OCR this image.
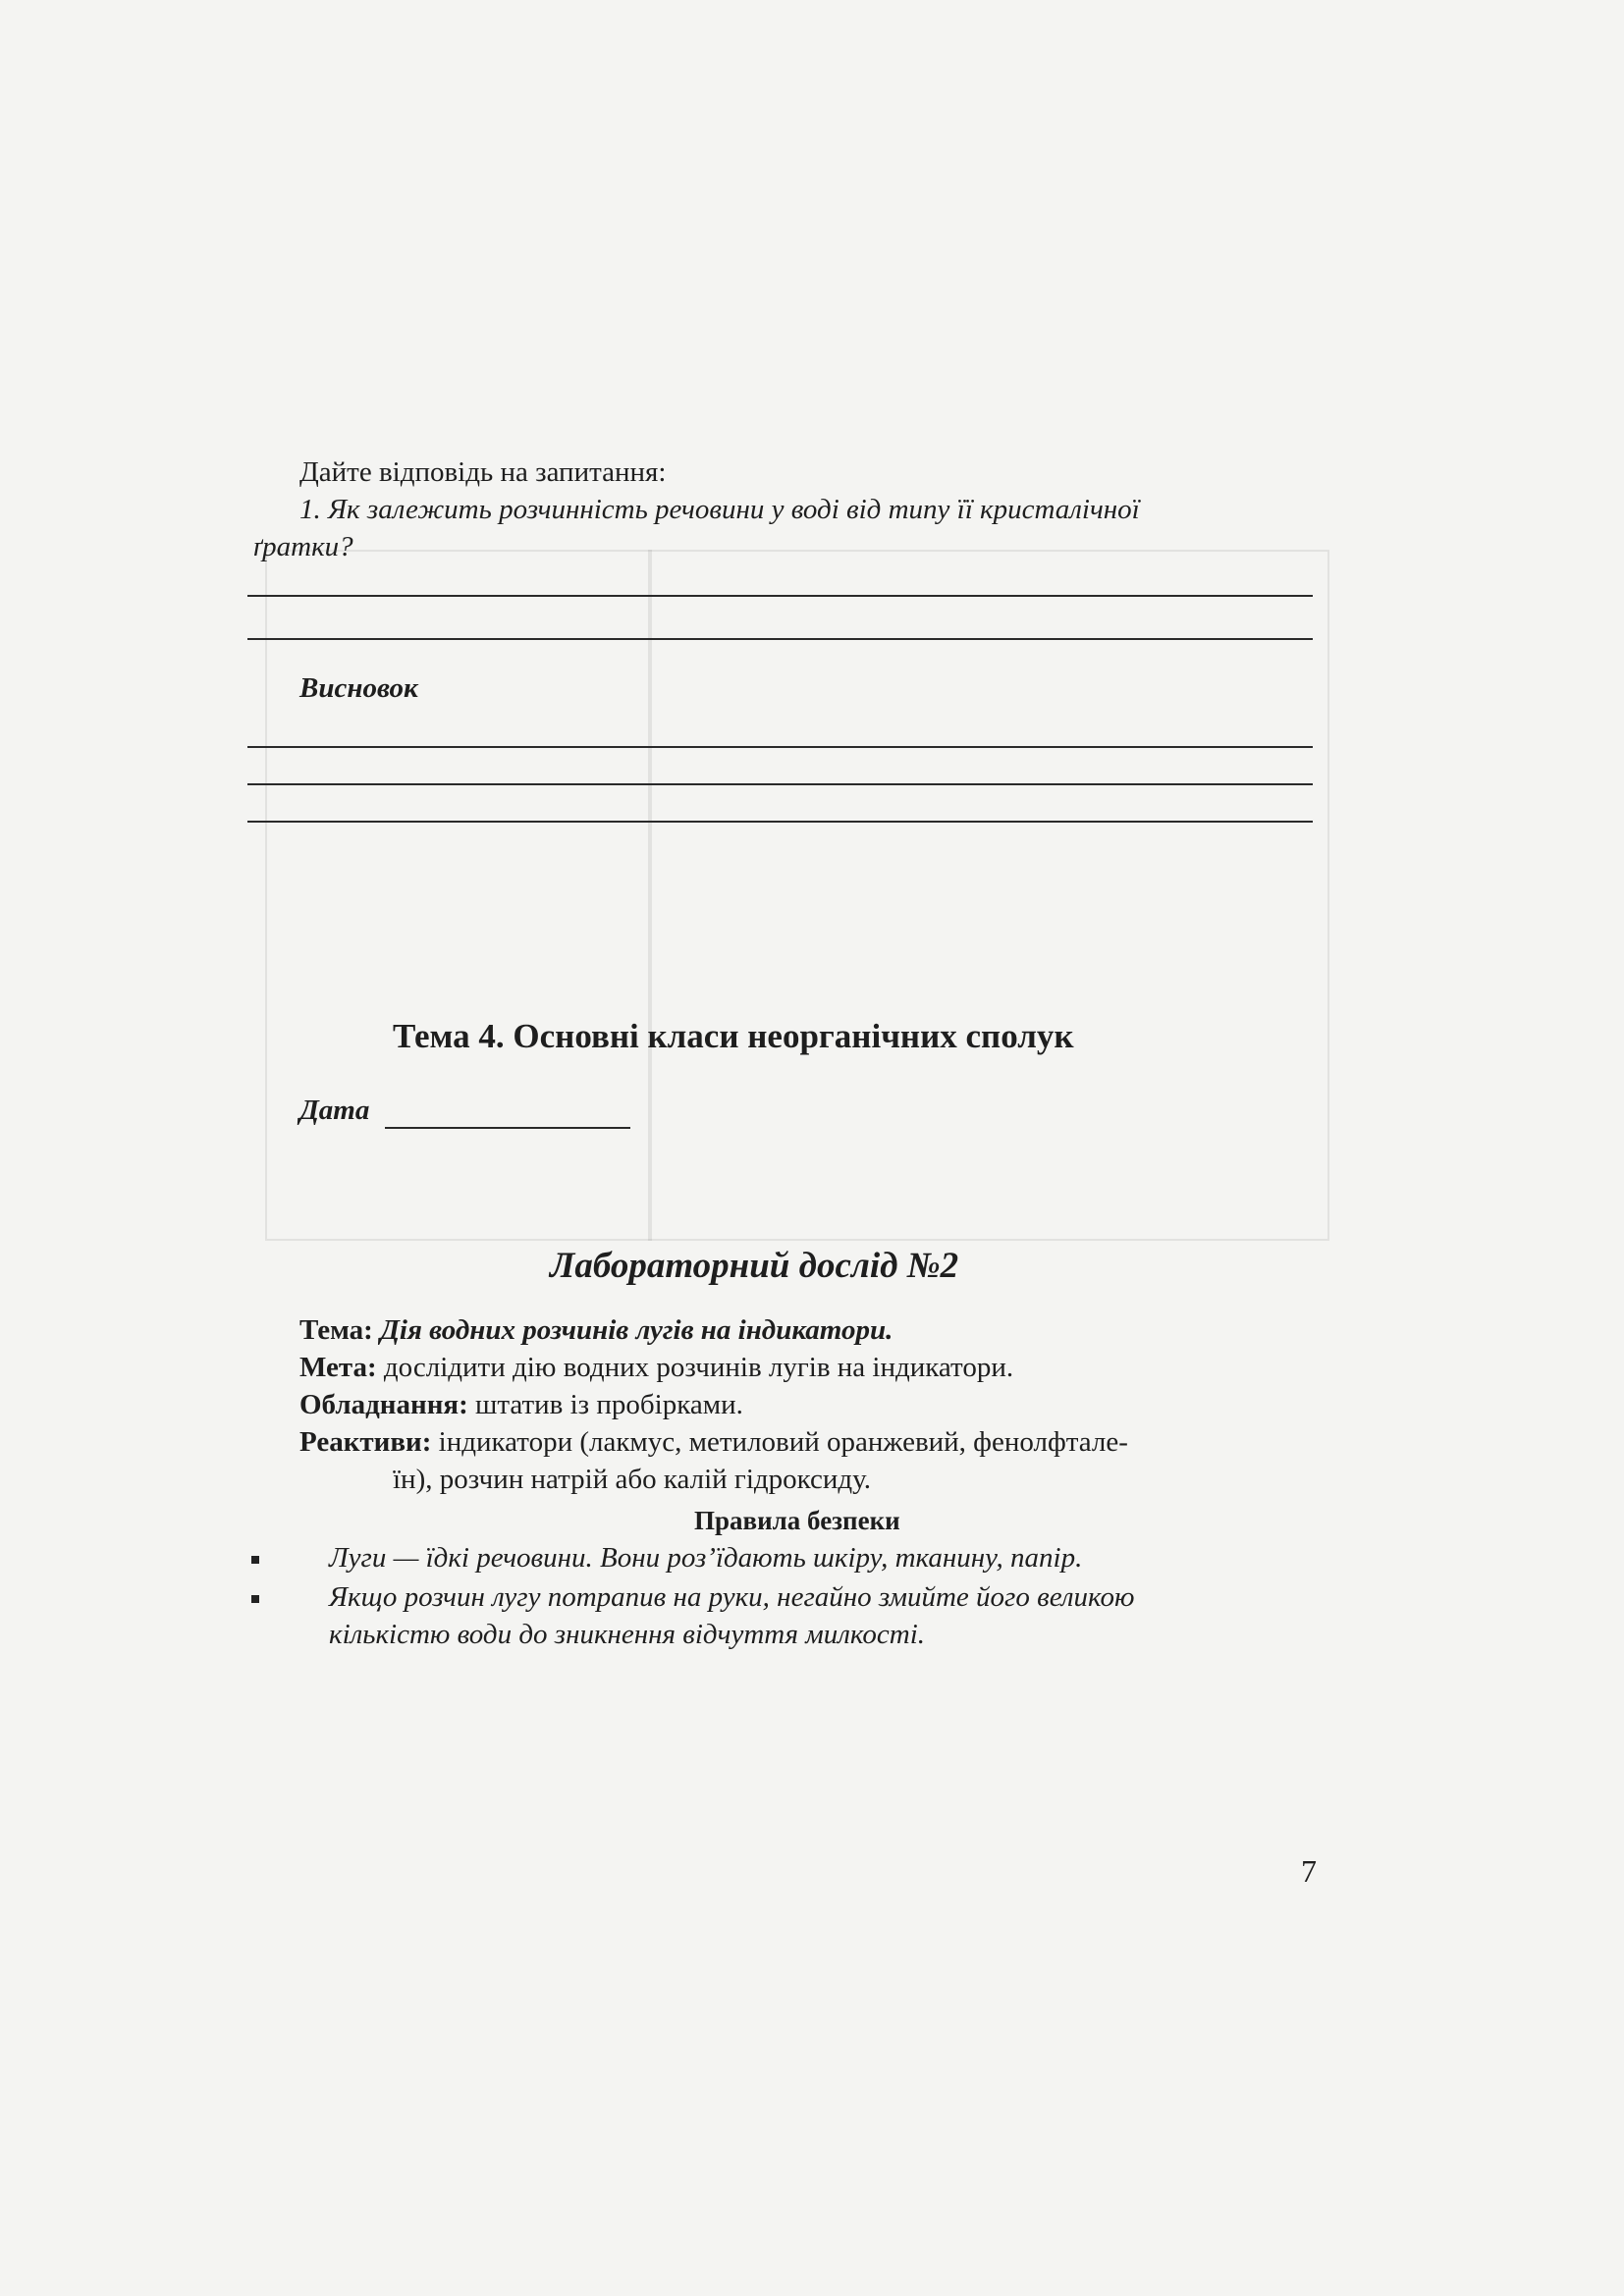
Дайте відповідь на запитання:
1. Як залежить розчинність речовини у воді від типу її кристалічної
ґратки?
Висновок
Тема 4. Основні класи неорганічних сполук
Дата
Лабораторний дослід №2
Тема: Дія водних розчинів лугів на індикатори.
Мета: дослідити дію водних розчинів лугів на індикатори.
Обладнання: штатив із пробірками.
Реактиви: індикатори (лакмус, метиловий оранжевий, фенолфтале-
їн), розчин натрій або калій гідроксиду.
Правила безпеки
Луги — їдкі речовини. Вони роз’їдають шкіру, тканину, папір.
Якщо розчин лугу потрапив на руки, негайно змийте його великою
кількістю води до зникнення відчуття милкості.
7
